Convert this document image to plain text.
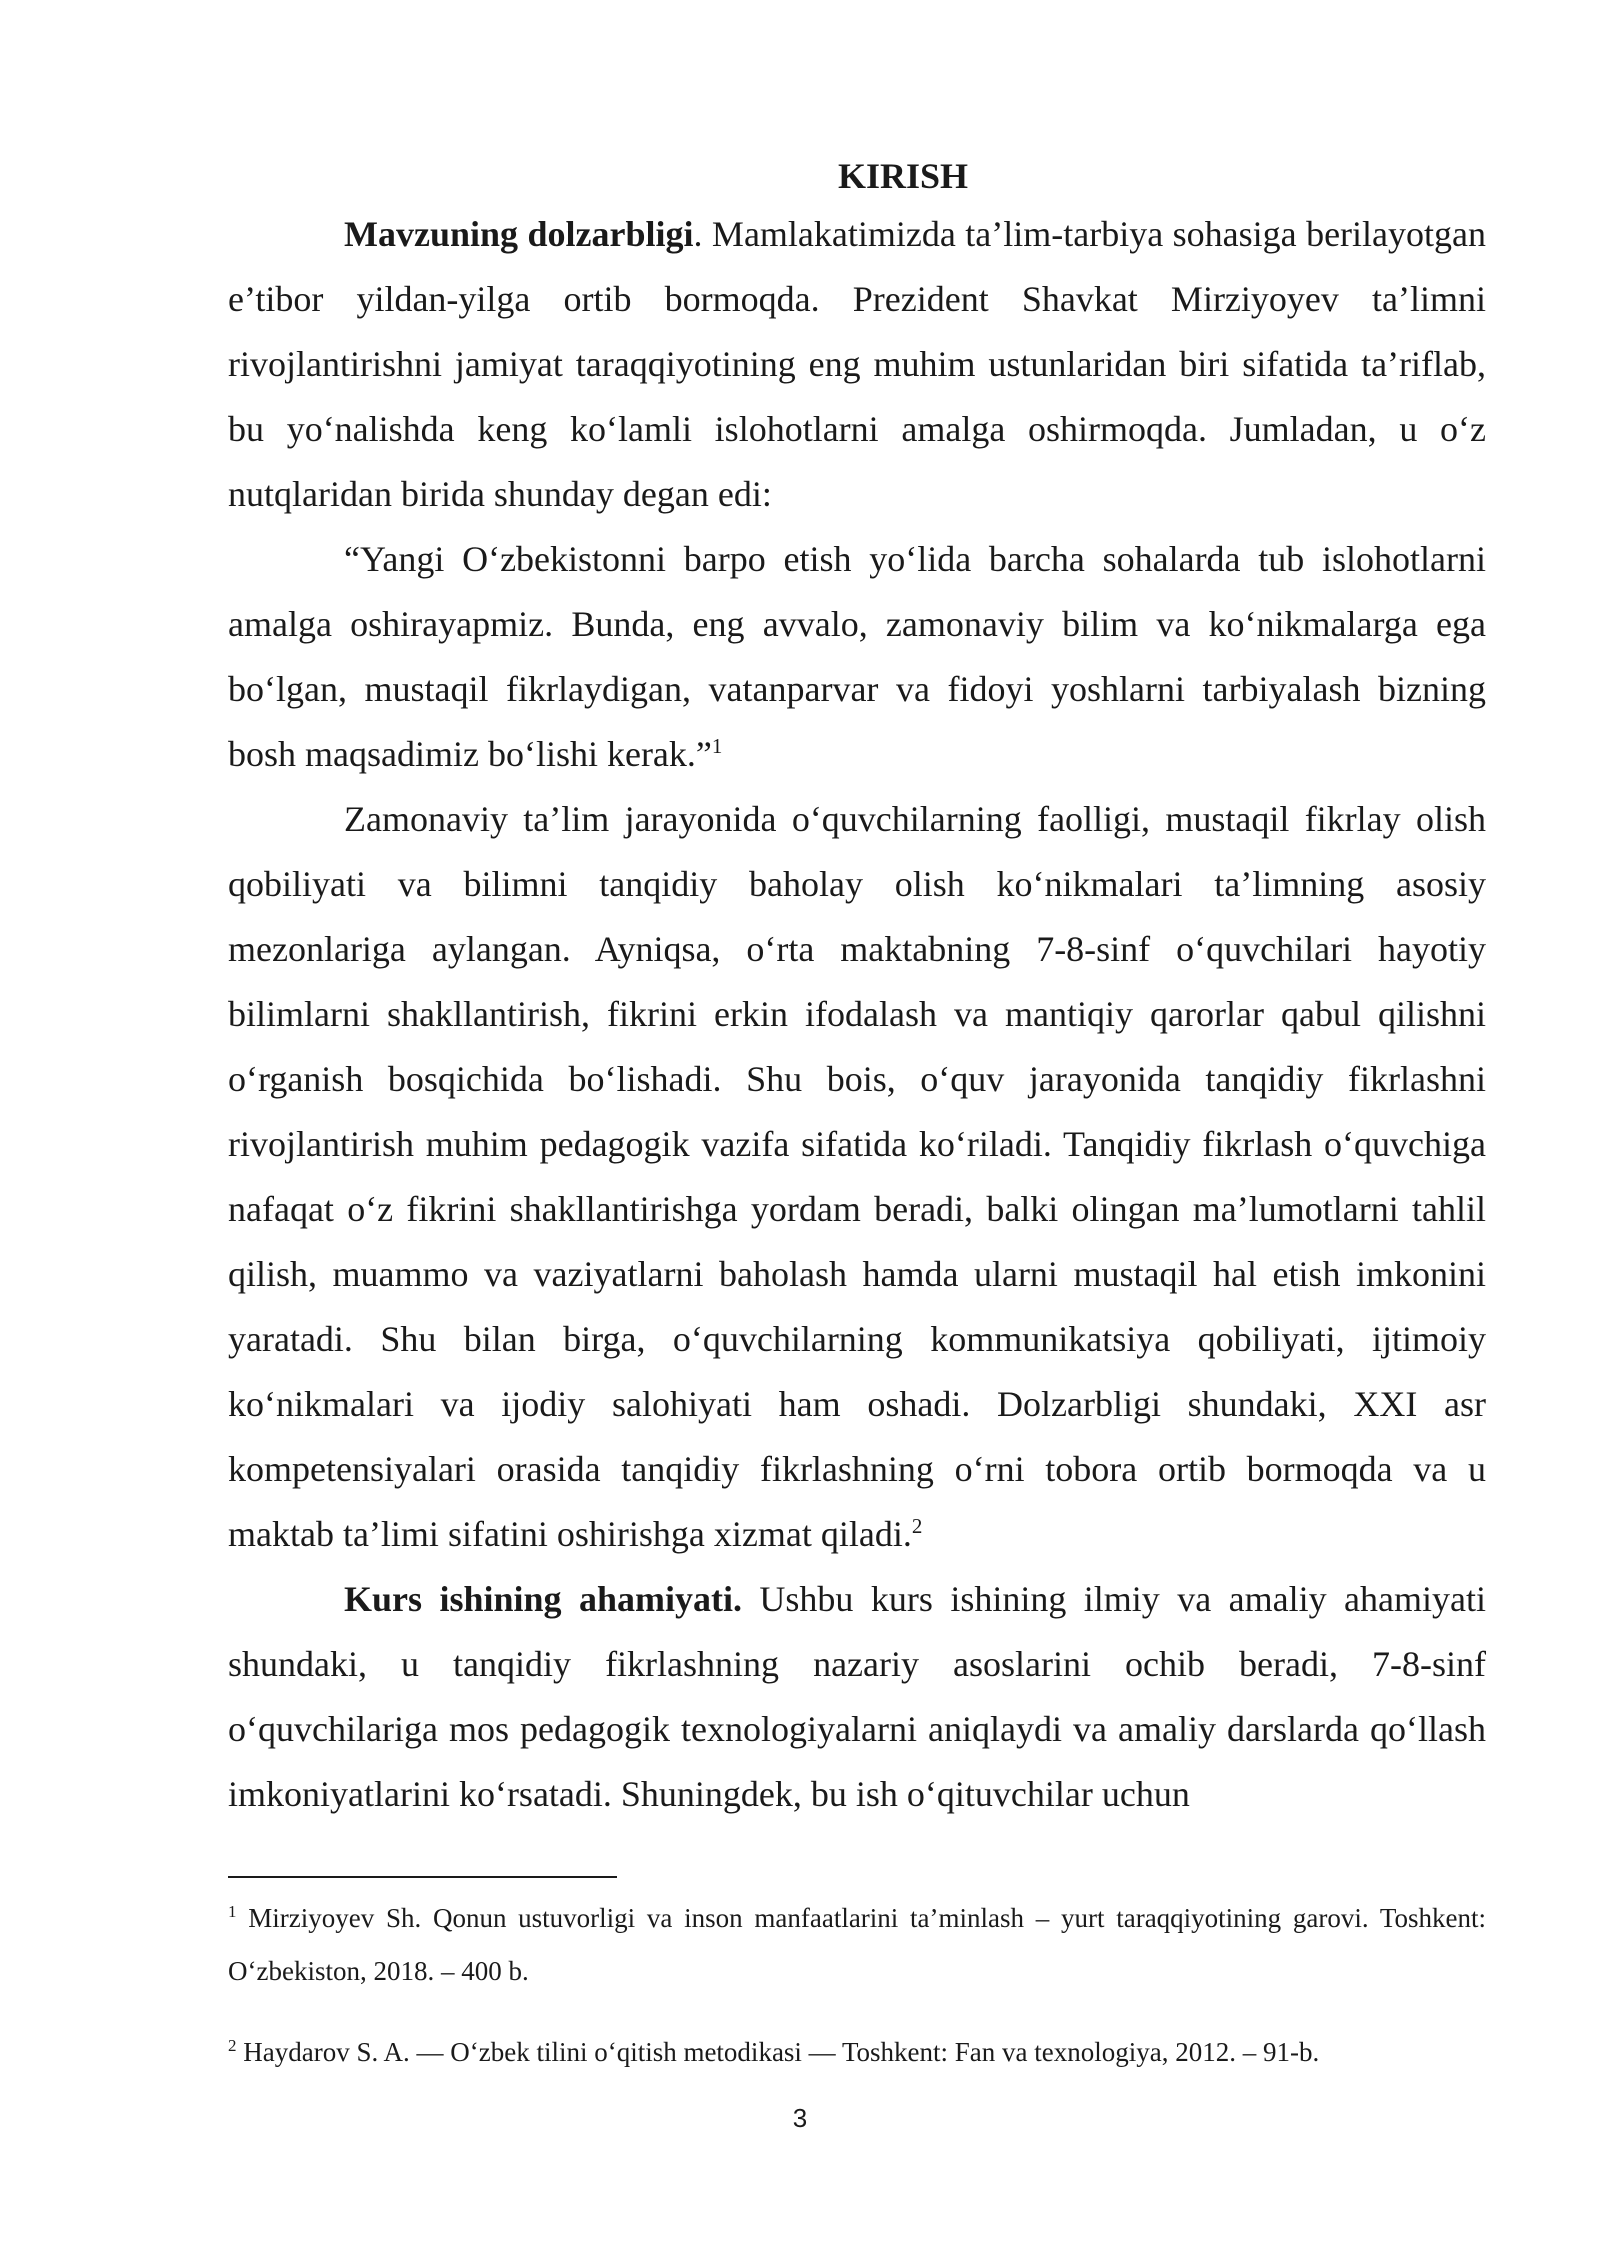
KIRISH

Mavzuning dolzarbligi. Mamlakatimizda ta’lim-tarbiya sohasiga berilayotgan e’tibor yildan-yilga ortib bormoqda. Prezident Shavkat Mirziyoyev ta’limni rivojlantirishni jamiyat taraqqiyotining eng muhim ustunlaridan biri sifatida ta’riflab, bu yo‘nalishda keng ko‘lamli islohotlarni amalga oshirmoqda. Jumladan, u o‘z nutqlaridan birida shunday degan edi:

“Yangi O‘zbekistonni barpo etish yo‘lida barcha sohalarda tub islohotlarni amalga oshirayapmiz. Bunda, eng avvalo, zamonaviy bilim va ko‘nikmalarga ega bo‘lgan, mustaqil fikrlaydigan, vatanparvar va fidoyi yoshlarni tarbiyalash bizning bosh maqsadimiz bo‘lishi kerak.”$^1$

Zamonaviy ta’lim jarayonida o‘quvchilarning faolligi, mustaqil fikrlay olish qobiliyati va bilimni tanqidiy baholay olish ko‘nikmalari ta’limning asosiy mezonlariga aylangan. Ayniqsa, o‘rta maktabning 7-8-sinf o‘quvchilari hayotiy bilimlarni shakllantirish, fikrini erkin ifodalash va mantiqiy qarorlar qabul qilishni o‘rganish bosqichida bo‘lishadi. Shu bois, o‘quv jarayonida tanqidiy fikrlashni rivojlantirish muhim pedagogik vazifa sifatida ko‘riladi. Tanqidiy fikrlash o‘quvchiga nafaqat o‘z fikrini shakllantirishga yordam beradi, balki olingan ma’lumotlarni tahlil qilish, muammo va vaziyatlarni baholash hamda ularni mustaqil hal etish imkonini yaratadi. Shu bilan birga, o‘quvchilarning kommunikatsiya qobiliyati, ijtimoiy ko‘nikmalari va ijodiy salohiyati ham oshadi. Dolzarbligi shundaki, XXI asr kompetensiyalari orasida tanqidiy fikrlashning o‘rni tobora ortib bormoqda va u maktab ta’limi sifatini oshirishga xizmat qiladi.$^2$

Kurs ishining ahamiyati. Ushbu kurs ishining ilmiy va amaliy ahamiyati shundaki, u tanqidiy fikrlashning nazariy asoslarini ochib beradi, 7-8-sinf o‘quvchilariga mos pedagogik texnologiyalarni aniqlaydi va amaliy darslarda qo‘llash imkoniyatlarini ko‘rsatadi. Shuningdek, bu ish o‘qituvchilar uchun

$^1$ Mirziyoyev Sh. Qonun ustuvorligi va inson manfaatlarini ta’minlash – yurt taraqqiyotining garovi. Toshkent: O‘zbekiston, 2018. – 400 b.

$^2$ Haydarov S. A. — O‘zbek tilini o‘qitish metodikasi — Toshkent: Fan va texnologiya, 2012. – 91-b.

3
